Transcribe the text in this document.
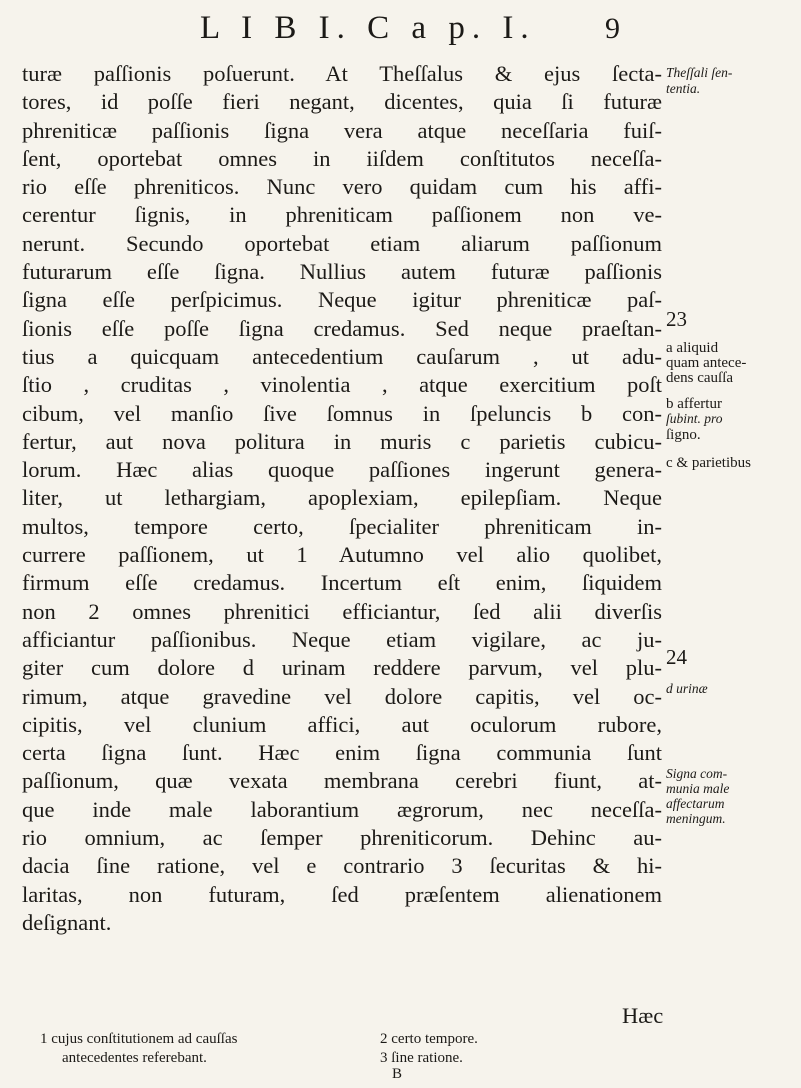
L I B I. C a p. I. 9
turæ paſſionis poſuerunt. At Theſſalus & ejus ſecta-
tores, id poſſe fieri negant, dicentes, quia ſi futuræ
phreniticæ paſſionis ſigna vera atque neceſſaria fuiſ-
ſent, oportebat omnes in iiſdem conſtitutos neceſſa-
rio eſſe phreniticos. Nunc vero quidam cum his affi-
cerentur ſignis, in phreniticam paſſionem non ve-
nerunt. Secundo oportebat etiam aliarum paſſionum
futurarum eſſe ſigna. Nullius autem futuræ paſſionis
ſigna eſſe perſpicimus. Neque igitur phreniticæ paſ-
ſionis eſſe poſſe ſigna credamus. Sed neque praeſtan-
tius a quicquam antecedentium cauſarum , ut adu-
ſtio , cruditas , vinolentia , atque exercitium poſt
cibum, vel manſio ſive ſomnus in ſpeluncis b con-
fertur, aut nova politura in muris c parietis cubicu-
lorum. Hæc alias quoque paſſiones ingerunt genera-
liter, ut lethargiam, apoplexiam, epilepſiam. Neque
multos, tempore certo, ſpecialiter phreniticam in-
currere paſſionem, ut 1 Autumno vel alio quolibet,
firmum eſſe credamus. Incertum eſt enim, ſiquidem
non 2 omnes phrenitici efficiantur, ſed alii diverſis
afficiantur paſſionibus. Neque etiam vigilare, ac ju-
giter cum dolore d urinam reddere parvum, vel plu-
rimum, atque gravedine vel dolore capitis, vel oc-
cipitis, vel clunium affici, aut oculorum rubore,
certa ſigna ſunt. Hæc enim ſigna communia ſunt
paſſionum, quæ vexata membrana cerebri fiunt, at-
que inde male laborantium ægrorum, nec neceſſa-
rio omnium, ac ſemper phreniticorum. Dehinc au-
dacia ſine ratione, vel e contrario 3 ſecuritas & hi-
laritas, non futuram, ſed præſentem alienationem
deſignant.
Theſſali ſen-
tentia.
23
a aliquid
quam antece-
dens cauſſa
b affertur
ſubint. pro
ſigno.
c & parietibus
24
d urinæ
Signa com-
munia male
affectarum
meningum.
Hæc
1 cujus conſtitutionem ad cauſſas
antecedentes referebant.
2 certo tempore.
3 ſine ratione.
B
